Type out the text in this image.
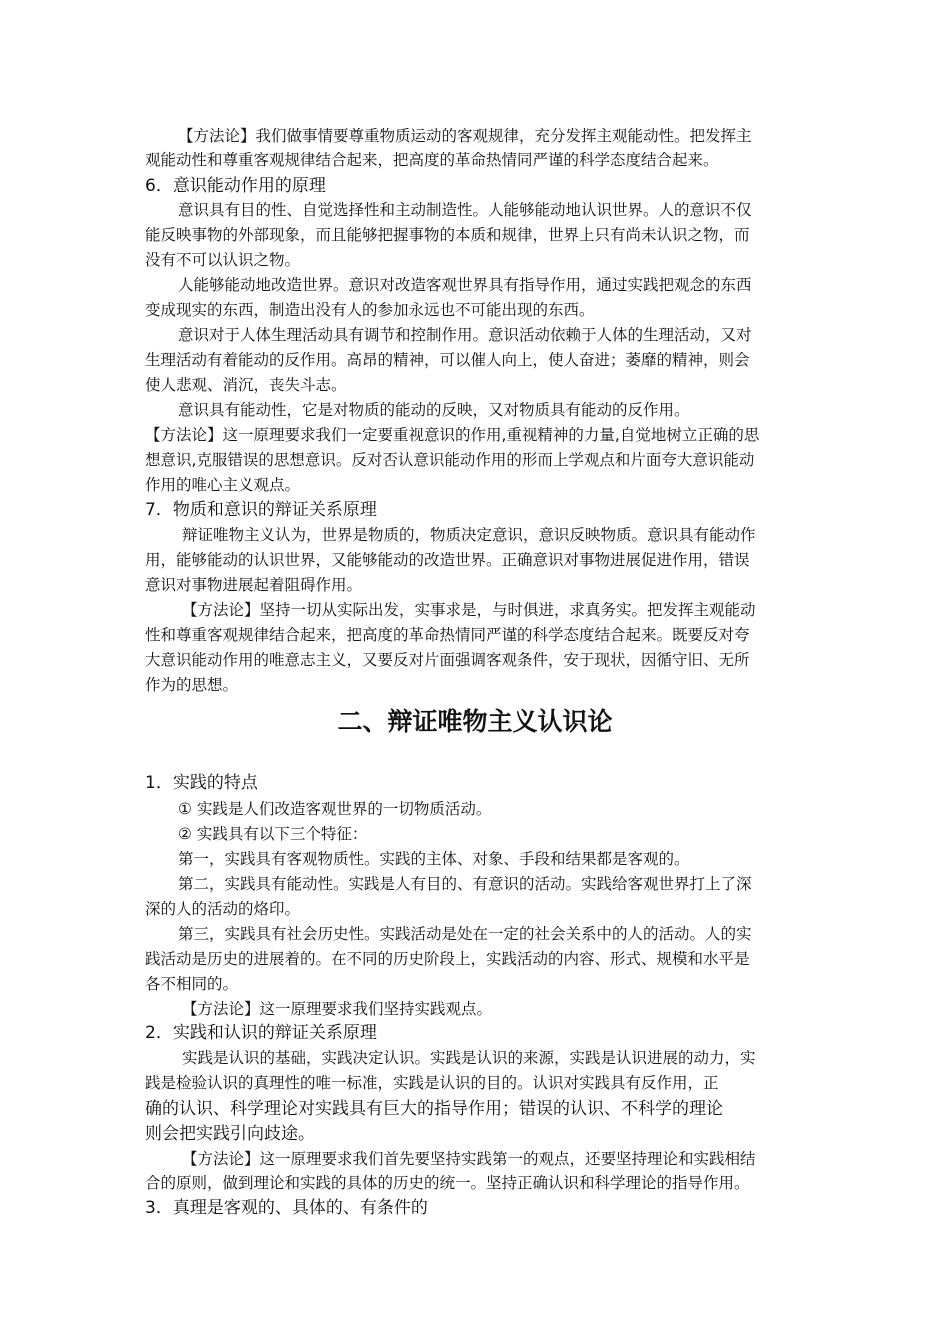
【方法论】我们做事情要尊重物质运动的客观规律，充分发挥主观能动性。把发挥主

观能动性和尊重客观规律结合起来，把高度的革命热情同严谨的科学态度结合起来。

6．意识能动作用的原理

意识具有目的性、自觉选择性和主动制造性。人能够能动地认识世界。人的意识不仅

能反映事物的外部现象，而且能够把握事物的本质和规律，世界上只有尚未认识之物，而

没有不可以认识之物。

人能够能动地改造世界。意识对改造客观世界具有指导作用，通过实践把观念的东西

变成现实的东西，制造出没有人的参加永远也不可能出现的东西。

意识对于人体生理活动具有调节和控制作用。意识活动依赖于人体的生理活动，又对

生理活动有着能动的反作用。高昂的精神，可以催人向上，使人奋进；萎靡的精神，则会

使人悲观、消沉，丧失斗志。

意识具有能动性，它是对物质的能动的反映，又对物质具有能动的反作用。

【方法论】这一原理要求我们一定要重视意识的作用,重视精神的力量,自觉地树立正确的思

想意识,克服错误的思想意识。反对否认意识能动作用的形而上学观点和片面夸大意识能动

作用的唯心主义观点。

7．物质和意识的辩证关系原理

辩证唯物主义认为，世界是物质的，物质决定意识，意识反映物质。意识具有能动作

用，能够能动的认识世界，又能够能动的改造世界。正确意识对事物进展促进作用，错误

意识对事物进展起着阻碍作用。

【方法论】坚持一切从实际出发，实事求是，与时俱进，求真务实。把发挥主观能动

性和尊重客观规律结合起来，把高度的革命热情同严谨的科学态度结合起来。既要反对夸

大意识能动作用的唯意志主义，又要反对片面强调客观条件，安于现状，因循守旧、无所

作为的思想。

二、辩证唯物主义认识论

1．实践的特点

① 实践是人们改造客观世界的一切物质活动。

② 实践具有以下三个特征：

第一，实践具有客观物质性。实践的主体、对象、手段和结果都是客观的。

第二，实践具有能动性。实践是人有目的、有意识的活动。实践给客观世界打上了深

深的人的活动的烙印。

第三，实践具有社会历史性。实践活动是处在一定的社会关系中的人的活动。人的实

践活动是历史的进展着的。在不同的历史阶段上，实践活动的内容、形式、规模和水平是

各不相同的。

【方法论】这一原理要求我们坚持实践观点。

2．实践和认识的辩证关系原理

实践是认识的基础，实践决定认识。实践是认识的来源，实践是认识进展的动力，实

践是检验认识的真理性的唯一标准，实践是认识的目的。认识对实践具有反作用，正

确的认识、科学理论对实践具有巨大的指导作用；错误的认识、不科学的理论

则会把实践引向歧途。

【方法论】这一原理要求我们首先要坚持实践第一的观点，还要坚持理论和实践相结

合的原则，做到理论和实践的具体的历史的统一。坚持正确认识和科学理论的指导作用。

3．真理是客观的、具体的、有条件的
